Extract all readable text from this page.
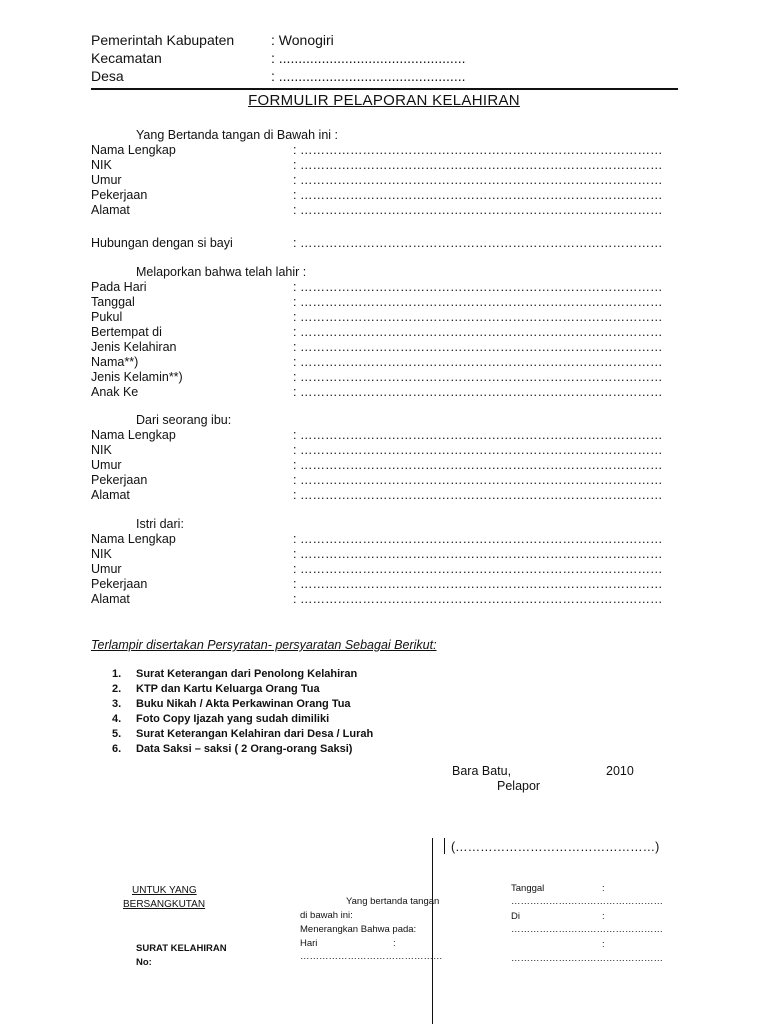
Pemerintah Kabupaten	: Wonogiri
Kecamatan	: ................................................
Desa	: ................................................
FORMULIR PELAPORAN KELAHIRAN
Yang Bertanda tangan di Bawah ini :
Nama Lengkap	: ……………………………………………………………………………
NIK	: ……………………………………………………………………………
Umur	: ……………………………………………………………………………
Pekerjaan	: ……………………………………………………………………………
Alamat	: ……………………………………………………………………………
Hubungan dengan si bayi	: ……………………………………………………………………………
Melaporkan bahwa telah lahir :
Pada Hari	: ……………………………………………………………………………
Tanggal	: ……………………………………………………………………………
Pukul	: ……………………………………………………………………………
Bertempat di	: ……………………………………………………………………………
Jenis Kelahiran	: ……………………………………………………………………………
Nama**)	: ……………………………………………………………………………
Jenis Kelamin**)	: ……………………………………………………………………………
Anak Ke	: ……………………………………………………………………………
Dari seorang ibu:
Nama Lengkap	: ……………………………………………………………………………
NIK	: ……………………………………………………………………………
Umur	: ……………………………………………………………………………
Pekerjaan	: ……………………………………………………………………………
Alamat	: ……………………………………………………………………………
Istri dari:
Nama Lengkap	: ……………………………………………………………………………
NIK	: ……………………………………………………………………………
Umur	: ……………………………………………………………………………
Pekerjaan	: ……………………………………………………………………………
Alamat	: ……………………………………………………………………………
Terlampir disertakan Persyratan- persyaratan Sebagai Berikut:
1. Surat Keterangan dari Penolong Kelahiran
2. KTP dan Kartu Keluarga Orang Tua
3. Buku Nikah / Akta Perkawinan Orang Tua
4. Foto Copy Ijazah yang sudah dimiliki
5. Surat Keterangan Kelahiran dari Desa / Lurah
6. Data Saksi – saksi ( 2 Orang-orang Saksi)
Bara Batu,	2010
Pelapor
(…………………………………………)
UNTUK YANG
BERSANGKUTAN
SURAT KELAHIRAN
No:
Yang bertanda tangan
di bawah ini:
Menerangkan Bahwa pada:
Hari	:
………………………………………
Tanggal	:
…………………………………………
Di	:
…………………………………………
:
…………………………………………
